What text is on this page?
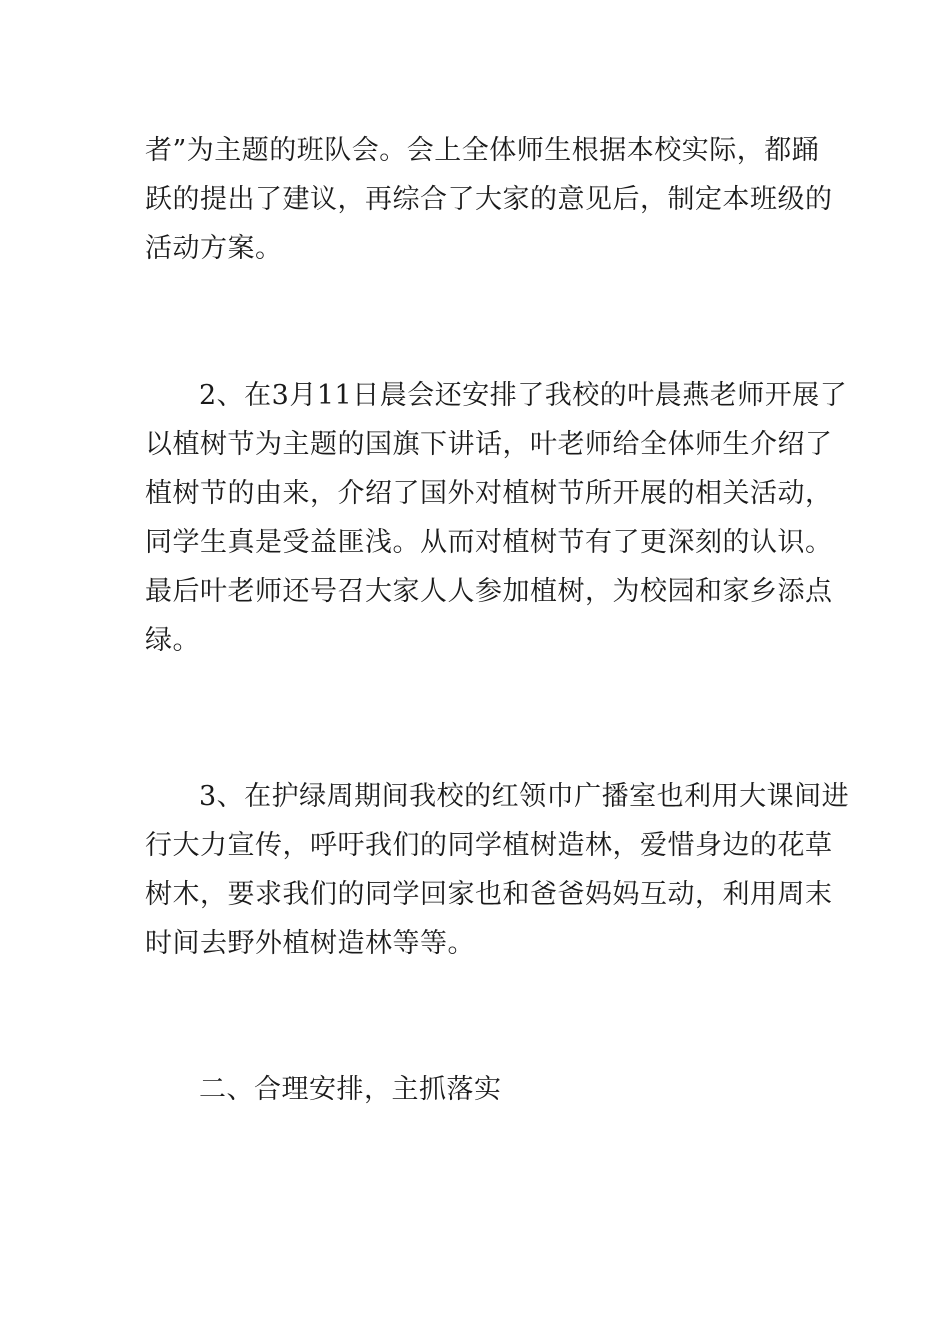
者”为主题的班队会。会上全体师生根据本校实际，都踊
跃的提出了建议，再综合了大家的意见后，制定本班级的
活动方案。

2、在3月11日晨会还安排了我校的叶晨燕老师开展了
以植树节为主题的国旗下讲话，叶老师给全体师生介绍了
植树节的由来，介绍了国外对植树节所开展的相关活动，
同学生真是受益匪浅。从而对植树节有了更深刻的认识。
最后叶老师还号召大家人人参加植树，为校园和家乡添点
绿。

3、在护绿周期间我校的红领巾广播室也利用大课间进
行大力宣传，呼吁我们的同学植树造林，爱惜身边的花草
树木，要求我们的同学回家也和爸爸妈妈互动，利用周末
时间去野外植树造林等等。

二、合理安排，主抓落实
